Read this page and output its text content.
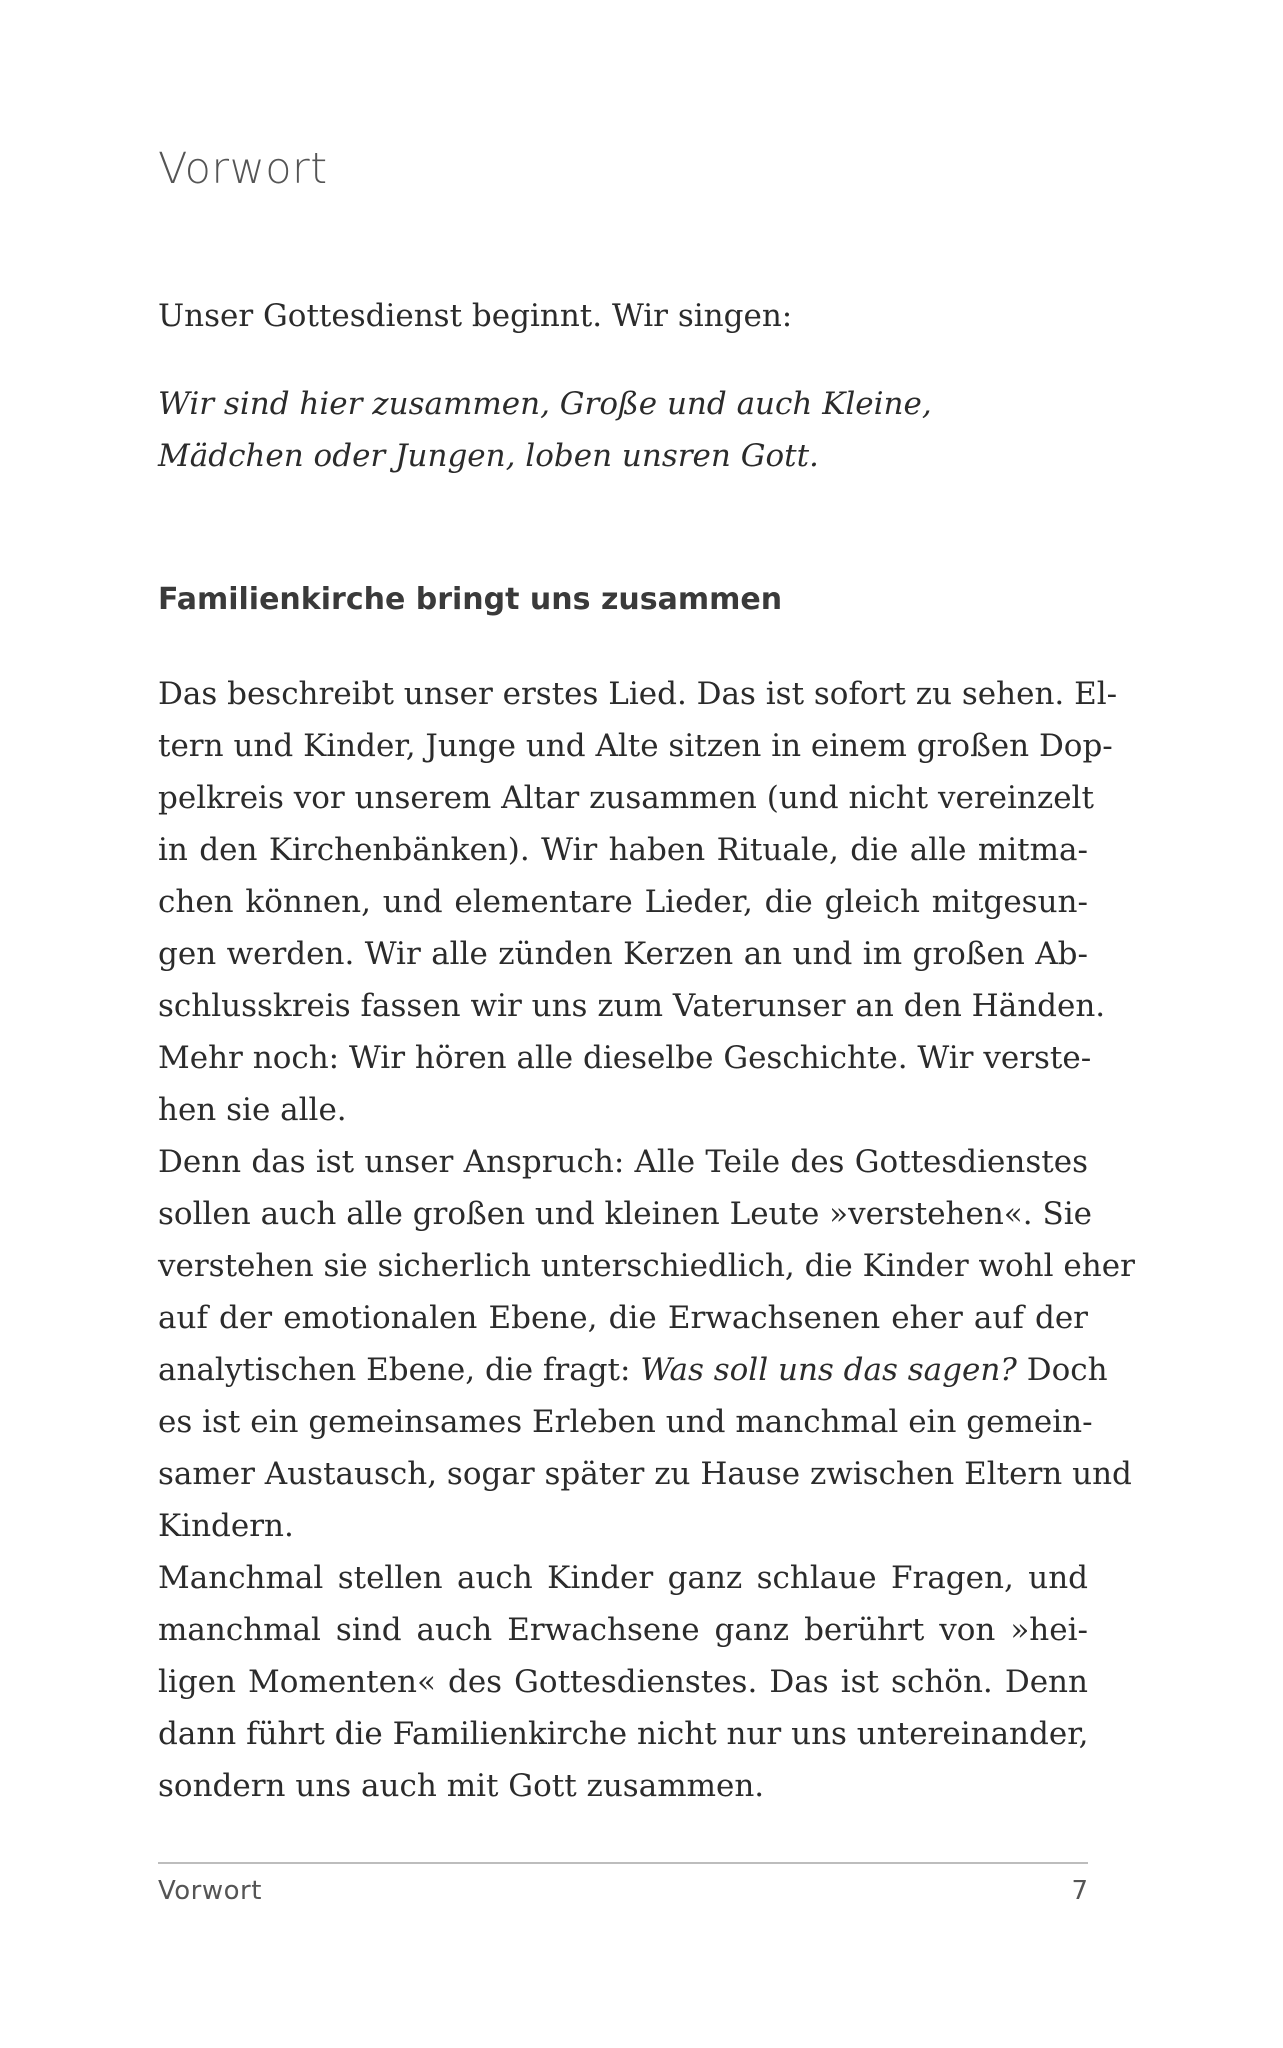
Vorwort

Unser Gottesdienst beginnt. Wir singen:

Wir sind hier zusammen, Große und auch Kleine,
Mädchen oder Jungen, loben unsren Gott.

Familienkirche bringt uns zusammen
Das beschreibt unser erstes Lied. Das ist sofort zu sehen. El-
tern und Kinder, Junge und Alte sitzen in einem großen Dop-
pelkreis vor unserem Altar zusammen (und nicht vereinzelt
in den Kirchenbänken). Wir haben Rituale, die alle mitma-
chen können, und elementare Lieder, die gleich mitgesun-
gen werden. Wir alle zünden Kerzen an und im großen Ab-
schlusskreis fassen wir uns zum Vaterunser an den Händen.
Mehr noch: Wir hören alle dieselbe Geschichte. Wir verste-
hen sie alle.
Denn das ist unser Anspruch: Alle Teile des Gottesdienstes
sollen auch alle großen und kleinen Leute »verstehen«. Sie
verstehen sie sicherlich unterschiedlich, die Kinder wohl eher
auf der emotionalen Ebene, die Erwachsenen eher auf der
analytischen Ebene, die fragt: Was soll uns das sagen? Doch
es ist ein gemeinsames Erleben und manchmal ein gemein-
samer Austausch, sogar später zu Hause zwischen Eltern und
Kindern.
Manchmal stellen auch Kinder ganz schlaue Fragen, und
manchmal sind auch Erwachsene ganz berührt von »hei-
ligen Momenten« des Gottesdienstes. Das ist schön. Denn
dann führt die Familienkirche nicht nur uns untereinander,
sondern uns auch mit Gott zusammen.
Vorwort	7
